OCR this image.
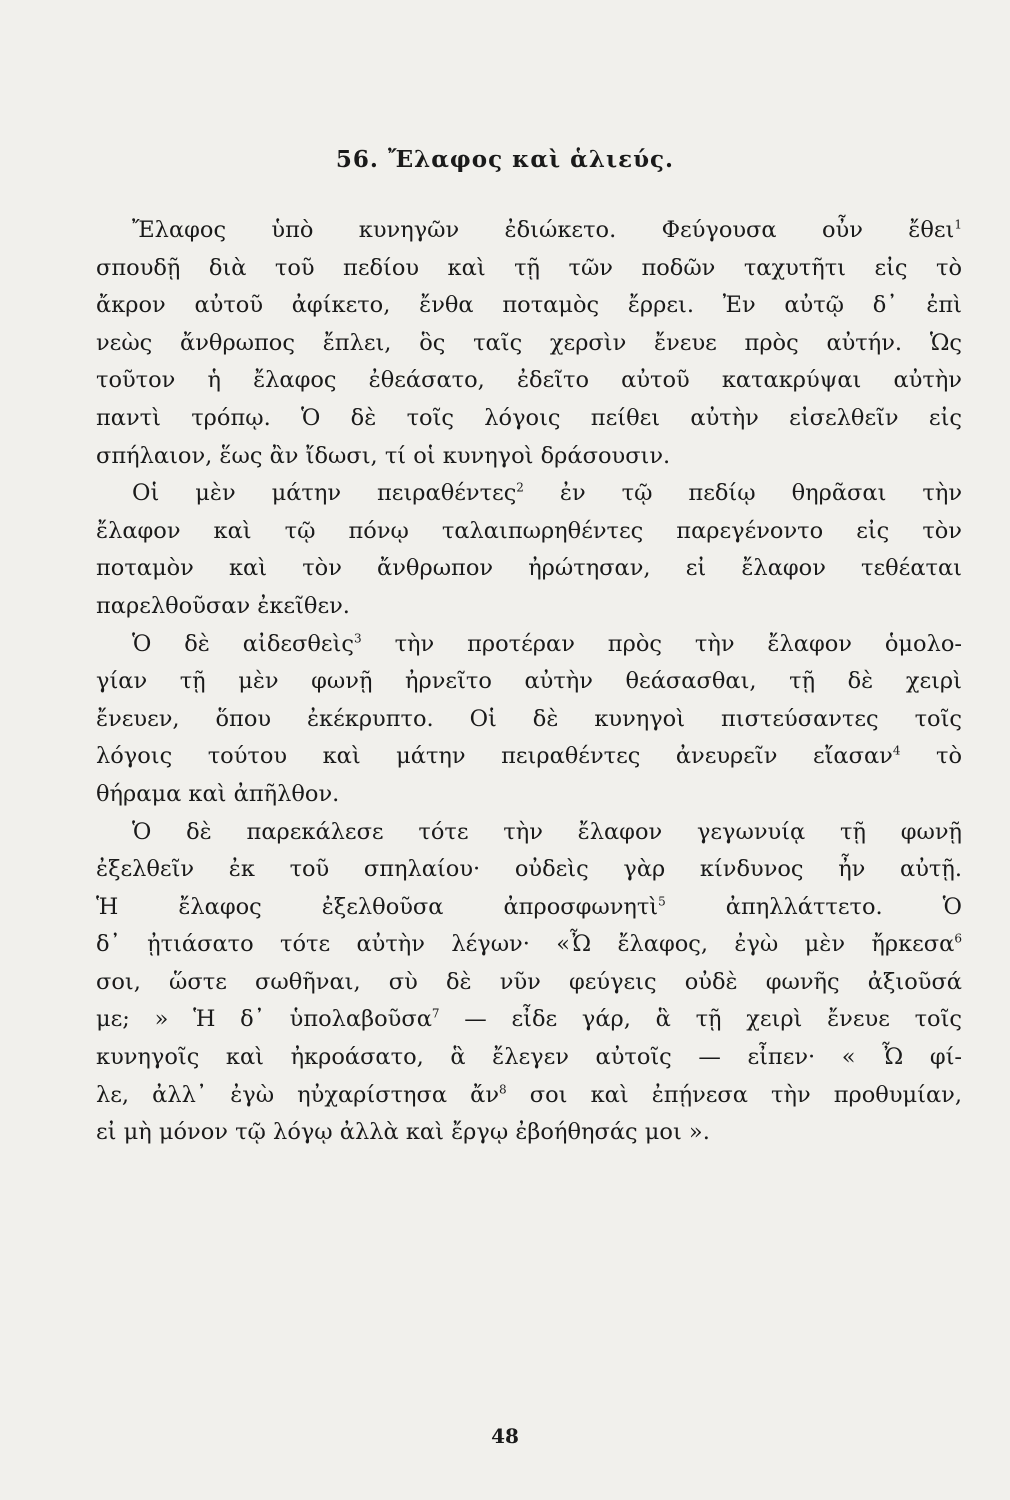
56. Ἔλαφος καὶ ἁλιεύς.
Ἔλαφος ὑπὸ κυνηγῶν ἐδιώκετο. Φεύγουσα οὖν ἔθει$^1$
σπουδῇ διὰ τοῦ πεδίου καὶ τῇ τῶν ποδῶν ταχυτῆτι εἰς τὸ
ἄκρον αὐτοῦ ἀφίκετο, ἔνθα ποταμὸς ἔρρει. Ἐν αὐτῷ δ᾽ ἐπὶ
νεὼς ἄνθρωπος ἔπλει, ὃς ταῖς χερσὶν ἔνευε πρὸς αὐτήν. Ὡς
τοῦτον ἡ ἔλαφος ἐθεάσατο, ἐδεῖτο αὐτοῦ κατακρύψαι αὐτὴν
παντὶ τρόπῳ. Ὁ δὲ τοῖς λόγοις πείθει αὐτὴν εἰσελθεῖν εἰς
σπήλαιον, ἕως ἂν ἴδωσι, τί οἱ κυνηγοὶ δράσουσιν.
Οἱ μὲν μάτην πειραθέντες$^2$ ἐν τῷ πεδίῳ θηρᾶσαι τὴν
ἔλαφον καὶ τῷ πόνῳ ταλαιπωρηθέντες παρεγένοντο εἰς τὸν
ποταμὸν καὶ τὸν ἄνθρωπον ἠρώτησαν, εἰ ἔλαφον τεθέαται
παρελθοῦσαν ἐκεῖθεν.
Ὁ δὲ αἰδεσθεὶς$^3$ τὴν προτέραν πρὸς τὴν ἔλαφον ὁμολο-
γίαν τῇ μὲν φωνῇ ἠρνεῖτο αὐτὴν θεάσασθαι, τῇ δὲ χειρὶ
ἔνευεν, ὅπου ἐκέκρυπτο. Οἱ δὲ κυνηγοὶ πιστεύσαντες τοῖς
λόγοις τούτου καὶ μάτην πειραθέντες ἀνευρεῖν εἴασαν$^4$ τὸ
θήραμα καὶ ἀπῆλθον.
Ὁ δὲ παρεκάλεσε τότε τὴν ἔλαφον γεγωνυίᾳ τῇ φωνῇ
ἐξελθεῖν ἐκ τοῦ σπηλαίου· οὐδεὶς γὰρ κίνδυνος ἦν αὐτῇ.
Ἡ ἔλαφος ἐξελθοῦσα ἀπροσφωνητὶ$^5$ ἀπηλλάττετο. Ὁ
δ᾽ ᾐτιάσατο τότε αὐτὴν λέγων· «Ὦ ἔλαφος, ἐγὼ μὲν ἤρκεσα$^6$
σοι, ὥστε σωθῆναι, σὺ δὲ νῦν φεύγεις οὐδὲ φωνῆς ἀξιοῦσά
με; » Ἡ δ᾽ ὑπολαβοῦσα$^7$ — εἶδε γάρ, ἃ τῇ χειρὶ ἔνευε τοῖς
κυνηγοῖς καὶ ἠκροάσατο, ἃ ἔλεγεν αὐτοῖς — εἶπεν· « Ὦ φί-
λε, ἀλλ᾽ ἐγὼ ηὐχαρίστησα ἄν$^8$ σοι καὶ ἐπῄνεσα τὴν προθυμίαν,
εἰ μὴ μόνον τῷ λόγῳ ἀλλὰ καὶ ἔργῳ ἐβοήθησάς μοι ».
48
